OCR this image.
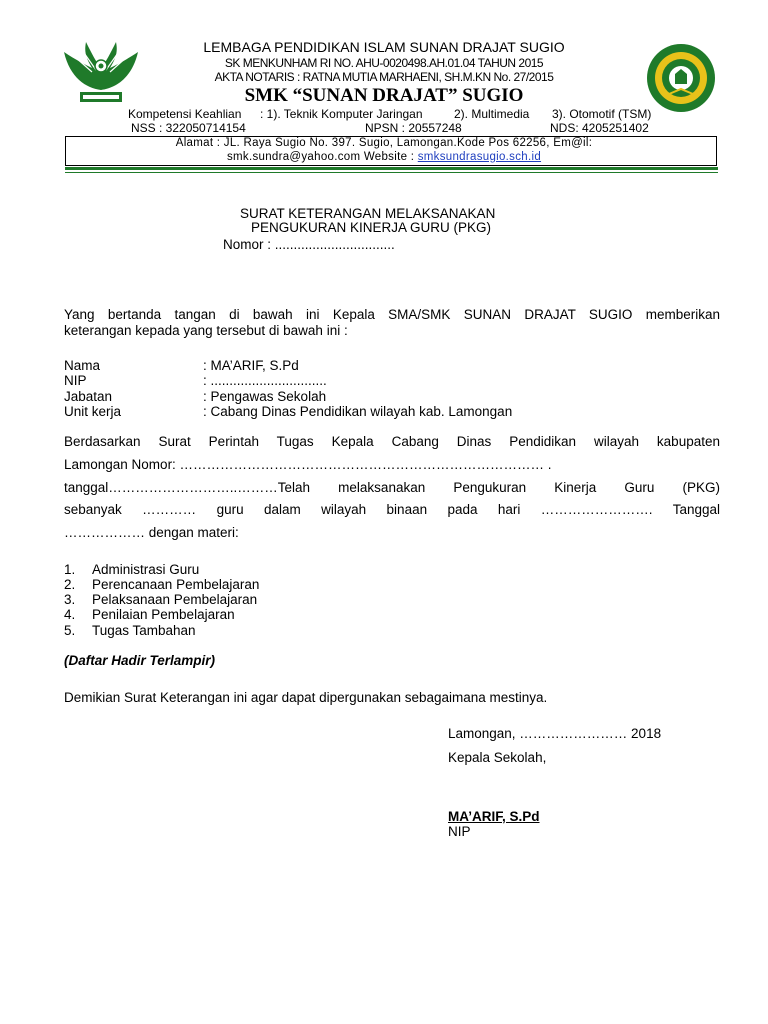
LEMBAGA PENDIDIKAN ISLAM SUNAN DRAJAT SUGIO
SK MENKUNHAM RI NO. AHU-0020498.AH.01.04 TAHUN 2015
AKTA NOTARIS : RATNA MUTIA MARHAENI, SH.M.KN No. 27/2015
SMK “SUNAN DRAJAT” SUGIO
Kompetensi Keahlian : 1). Teknik Komputer Jaringan	2). Multimedia 3). Otomotif (TSM)
NSS : 322050714154	NPSN : 20557248	NDS: 4205251402
Alamat : JL. Raya Sugio No. 397. Sugio, Lamongan.Kode Pos 62256, Em@il:
smk.sundra@yahoo.com Website : smksundrasugio.sch.id
SURAT KETERANGAN MELAKSANAKAN
PENGUKURAN KINERJA GURU (PKG)
Nomor : ................................
Yang bertanda tangan di bawah ini Kepala SMA/SMK SUNAN DRAJAT SUGIO memberikan
keterangan kepada yang tersebut di bawah ini :
Nama	: MA’ARIF, S.Pd
NIP	: ...............................
Jabatan	: Pengawas Sekolah
Unit kerja	: Cabang Dinas Pendidikan wilayah kab. Lamongan
Berdasarkan Surat Perintah Tugas Kepala Cabang Dinas Pendidikan wilayah kabupaten
Lamongan Nomor: ……………………………………………………………………… .
tanggal………………………..………Telah melaksanakan Pengukuran Kinerja Guru (PKG)
sebanyak ………… guru dalam wilayah binaan pada hari ……………………. Tanggal
……………… dengan materi:
1. Administrasi Guru
2. Perencanaan Pembelajaran
3. Pelaksanaan Pembelajaran
4. Penilaian Pembelajaran
5. Tugas Tambahan
(Daftar Hadir Terlampir)
Demikian Surat Keterangan ini agar dapat dipergunakan sebagaimana mestinya.
Lamongan, …………………… 2018
Kepala Sekolah,
MA’ARIF, S.Pd
NIP
